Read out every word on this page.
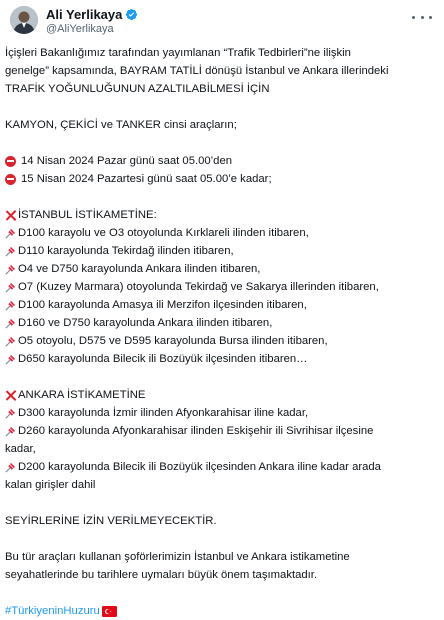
Ali Yerlikaya
@AliYerlikaya
İçişleri Bakanlığımız tarafından yayımlanan “Trafik Tedbirleri”ne ilişkin
genelge” kapsamında, BAYRAM TATİLİ dönüşü İstanbul ve Ankara illerindeki
TRAFİK YOĞUNLUĞUNUN AZALTILABİLMESİ İÇİN
KAMYON, ÇEKİCİ ve TANKER cinsi araçların;
14 Nisan 2024 Pazar günü saat 05.00’den
15 Nisan 2024 Pazartesi günü saat 05.00’e kadar;
İSTANBUL İSTİKAMETİNE:
D100 karayolu ve O3 otoyolunda Kırklareli ilinden itibaren,
D110 karayolunda Tekirdağ ilinden itibaren,
O4 ve D750 karayolunda Ankara ilinden itibaren,
O7 (Kuzey Marmara) otoyolunda Tekirdağ ve Sakarya illerinden itibaren,
D100 karayolunda Amasya ili Merzifon ilçesinden itibaren,
D160 ve D750 karayolunda Ankara ilinden itibaren,
O5 otoyolu, D575 ve D595 karayolunda Bursa ilinden itibaren,
D650 karayolunda Bilecik ili Bozüyük ilçesinden itibaren…
ANKARA İSTİKAMETİNE
D300 karayolunda İzmir ilinden Afyonkarahisar iline kadar,
D260 karayolunda Afyonkarahisar ilinden Eskişehir ili Sivrihisar ilçesine
kadar,
D200 karayolunda Bilecik ili Bozüyük ilçesinden Ankara iline kadar arada
kalan girişler dahil
SEYİRLERİNE İZİN VERİLMEYECEKTİR.
Bu tür araçları kullanan şoförlerimizin İstanbul ve Ankara istikametine
seyahatlerinde bu tarihlere uymaları büyük önem taşımaktadır.
#TürkiyeninHuzuru
